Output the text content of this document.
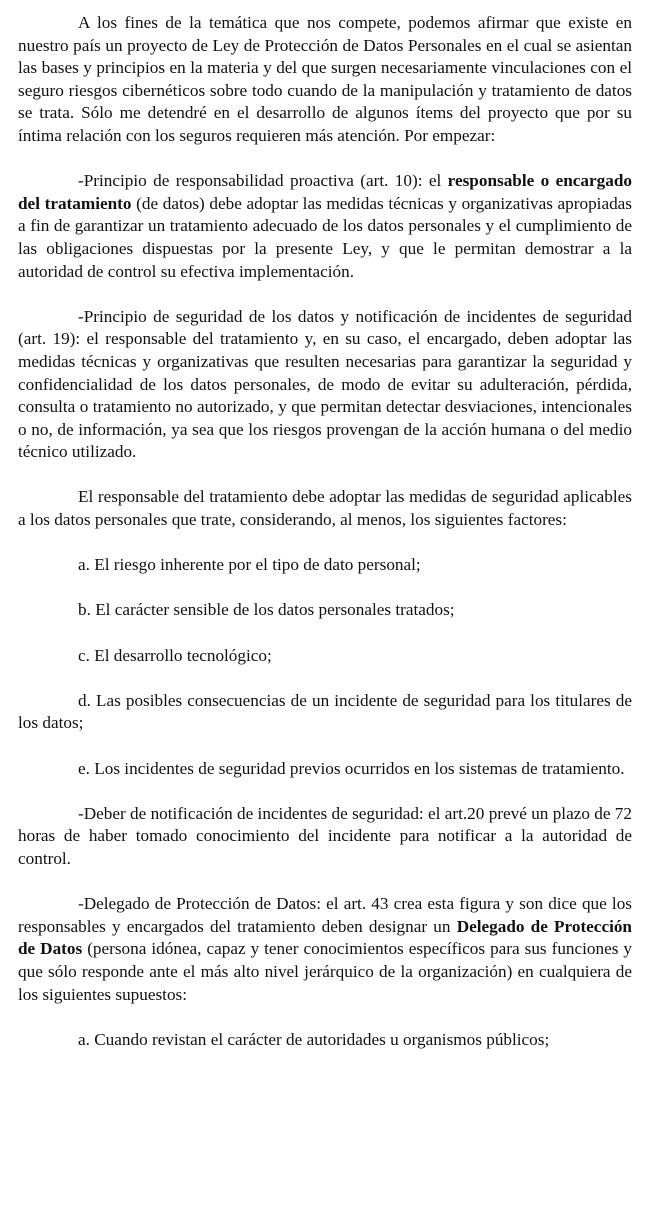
A los fines de la temática que nos compete, podemos afirmar que existe en nuestro país un proyecto de Ley de Protección de Datos Personales en el cual se asientan las bases y principios en la materia y del que surgen necesariamente vinculaciones con el seguro riesgos cibernéticos sobre todo cuando de la manipulación y tratamiento de datos se trata. Sólo me detendré en el desarrollo de algunos ítems del proyecto que por su íntima relación con los seguros requieren más atención. Por empezar:

-Principio de responsabilidad proactiva (art. 10): el responsable o encargado del tratamiento (de datos) debe adoptar las medidas técnicas y organizativas apropiadas a fin de garantizar un tratamiento adecuado de los datos personales y el cumplimiento de las obligaciones dispuestas por la presente Ley, y que le permitan demostrar a la autoridad de control su efectiva implementación.

-Principio de seguridad de los datos y notificación de incidentes de seguridad (art. 19): el responsable del tratamiento y, en su caso, el encargado, deben adoptar las medidas técnicas y organizativas que resulten necesarias para garantizar la seguridad y confidencialidad de los datos personales, de modo de evitar su adulteración, pérdida, consulta o tratamiento no autorizado, y que permitan detectar desviaciones, intencionales o no, de información, ya sea que los riesgos provengan de la acción humana o del medio técnico utilizado.

El responsable del tratamiento debe adoptar las medidas de seguridad aplicables a los datos personales que trate, considerando, al menos, los siguientes factores:

a. El riesgo inherente por el tipo de dato personal;

b. El carácter sensible de los datos personales tratados;

c. El desarrollo tecnológico;

d. Las posibles consecuencias de un incidente de seguridad para los titulares de los datos;

e. Los incidentes de seguridad previos ocurridos en los sistemas de tratamiento.

-Deber de notificación de incidentes de seguridad: el art.20 prevé un plazo de 72 horas de haber tomado conocimiento del incidente para notificar a la autoridad de control.

-Delegado de Protección de Datos: el art. 43 crea esta figura y son dice que los responsables y encargados del tratamiento deben designar un Delegado de Protección de Datos (persona idónea, capaz y tener conocimientos específicos para sus funciones y que sólo responde ante el más alto nivel jerárquico de la organización) en cualquiera de los siguientes supuestos:

a. Cuando revistan el carácter de autoridades u organismos públicos;
